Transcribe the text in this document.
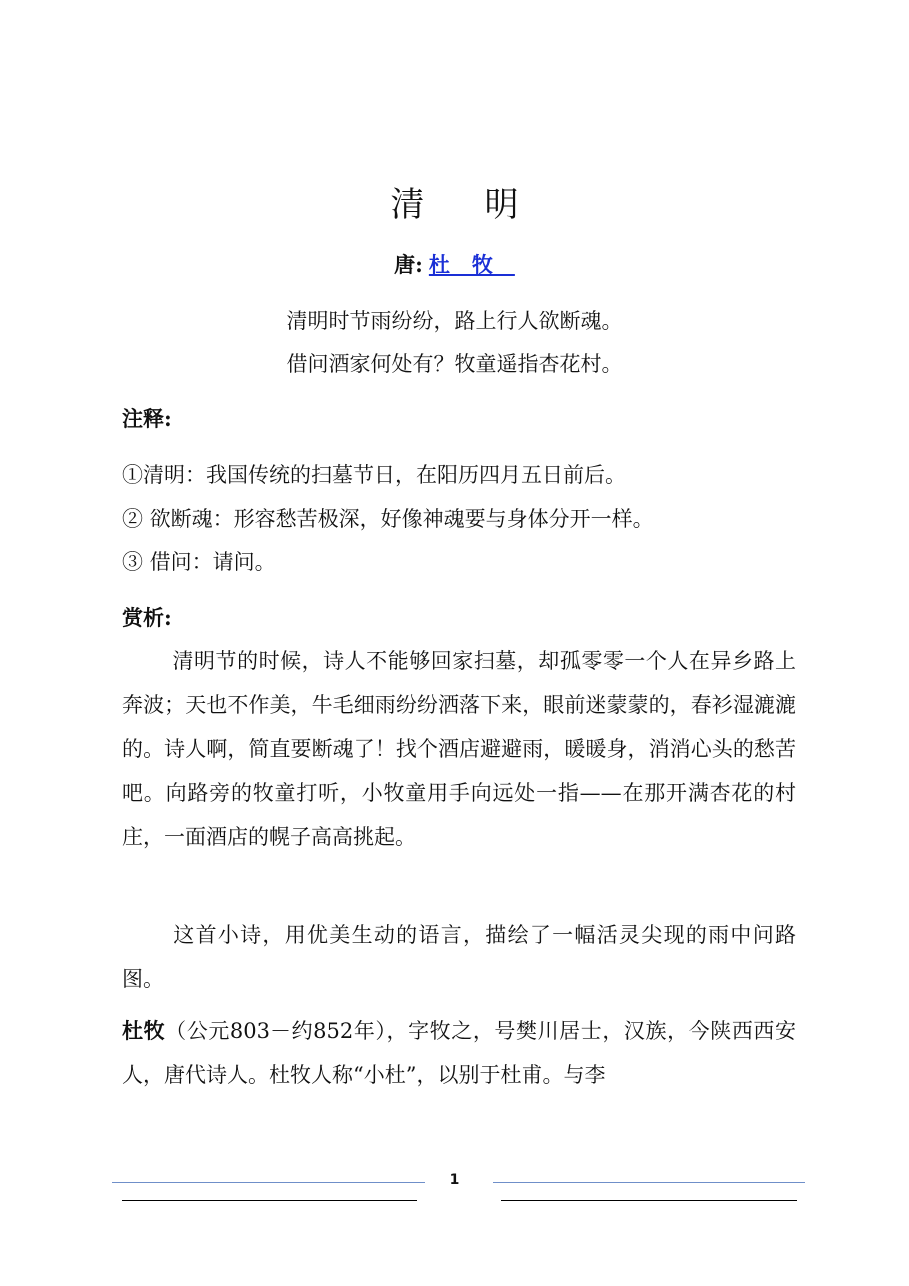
清明
唐: 杜牧
清明时节雨纷纷，路上行人欲断魂。
借问酒家何处有？牧童遥指杏花村。
注释:
①清明：我国传统的扫墓节日，在阳历四月五日前后。
② 欲断魂：形容愁苦极深，好像神魂要与身体分开一样。
③ 借问：请问。
赏析:
清明节的时候，诗人不能够回家扫墓，却孤零零一个人在异乡路上奔波；天也不作美，牛毛细雨纷纷洒落下来，眼前迷蒙蒙的，春衫湿漉漉的。诗人啊，简直要断魂了！找个酒店避避雨，暖暖身，消消心头的愁苦吧。向路旁的牧童打听，小牧童用手向远处一指——在那开满杏花的村庄，一面酒店的幌子高高挑起。
这首小诗，用优美生动的语言，描绘了一幅活灵尖现的雨中问路图。
杜牧（公元803－约852年），字牧之，号樊川居士，汉族，今陕西西安人，唐代诗人。杜牧人称“小杜”，以别于杜甫。与李
1
